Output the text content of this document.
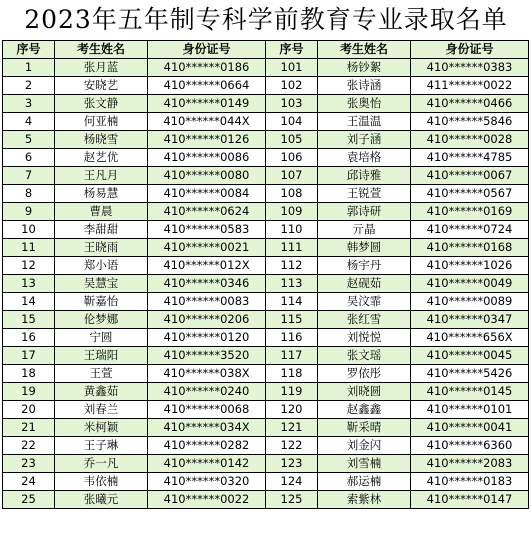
2023年五年制专科学前教育专业录取名单
序号	考生姓名	身份证号	序号	考生姓名	身份证号
1	张月蓝	410******0186	101	杨钞絮	410******0383
2	安晓艺	410******0664	102	张诗涵	411******0022
3	张文静	410******0149	103	张奥怡	410******0466
4	何亚楠	410******044X	104	王温温	410******5846
5	杨晓雪	410******0126	105	刘子涵	410******0028
6	赵艺优	410******0086	106	袁培格	410******4785
7	王凡月	410******0080	107	邱诗雅	410******0067
8	杨易慧	410******0084	108	王锐萱	410******0567
9	曹晨	410******0624	109	郭诗研	410******0169
10	李甜甜	410******0583	110	亓晶	410******0724
11	王晓雨	410******0021	111	韩梦圆	410******0168
12	郑小语	410******012X	112	杨宇丹	410******1026
13	吴慧宝	410******0346	113	赵砚茹	410******0049
14	靳嘉怡	410******0083	114	吴汶霏	410******0089
15	伦梦娜	410******0206	115	张红雪	410******0347
16	宁圆	410******0120	116	刘悦悦	410******656X
17	王瑞阳	410******3520	117	张文瑶	410******0045
18	王萱	410******038X	118	罗依彤	410******5426
19	黄鑫茹	410******0240	119	刘晓圆	410******0145
20	刘春兰	410******0068	120	赵鑫鑫	410******0101
21	米柯颖	410******034X	121	靳采晴	410******0041
22	王子琳	410******0282	122	刘金闪	410******6360
23	乔一凡	410******0142	123	刘雪楠	410******2083
24	韦依楠	410******0320	124	郝运楠	410******0183
25	张曦元	410******0022	125	索紫林	410******0147
